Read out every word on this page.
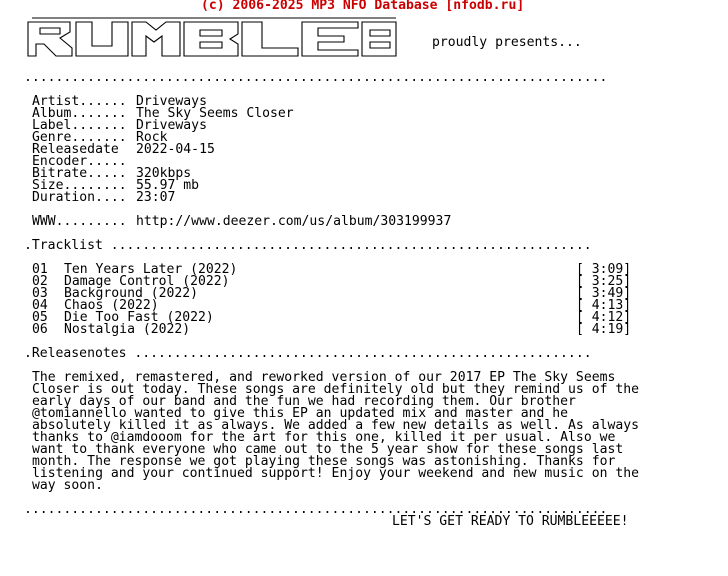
(c) 2006-2025 MP3 NFO Database [nfodb.ru]
proudly presents...
..........................................................................
Artist...... Driveways
Album....... The Sky Seems Closer
Label....... Driveways
Genre....... Rock
Releasedate 2022-04-15
Encoder.....
Bitrate..... 320kbps
Size........ 55.97 mb
Duration.... 23:07
WWW......... http://www.deezer.com/us/album/303199937
.Tracklist .............................................................
01 Ten Years Later (2022)	[ 3:09]
02 Damage Control (2022)	[ 3:25]
03 Background (2022)	[ 3:49]
04 Chaos (2022)	[ 4:13]
05 Die Too Fast (2022)	[ 4:12]
06 Nostalgia (2022)	[ 4:19]
.Releasenotes ..........................................................
The remixed, remastered, and reworked version of our 2017 EP The Sky Seems
Closer is out today. These songs are definitely old but they remind us of the
early days of our band and the fun we had recording them. Our brother
@tomiannello wanted to give this EP an updated mix and master and he
absolutely killed it as always. We added a few new details as well. As always
thanks to @iamdooom for the art for this one, killed it per usual. Also we
want to thank everyone who came out to the 5 year show for these songs last
month. The response we got playing these songs was astonishing. Thanks for
listening and your continued support! Enjoy your weekend and new music on the
way soon.
..........................................................................
LET'S GET READY TO RUMBLEEEEE!
